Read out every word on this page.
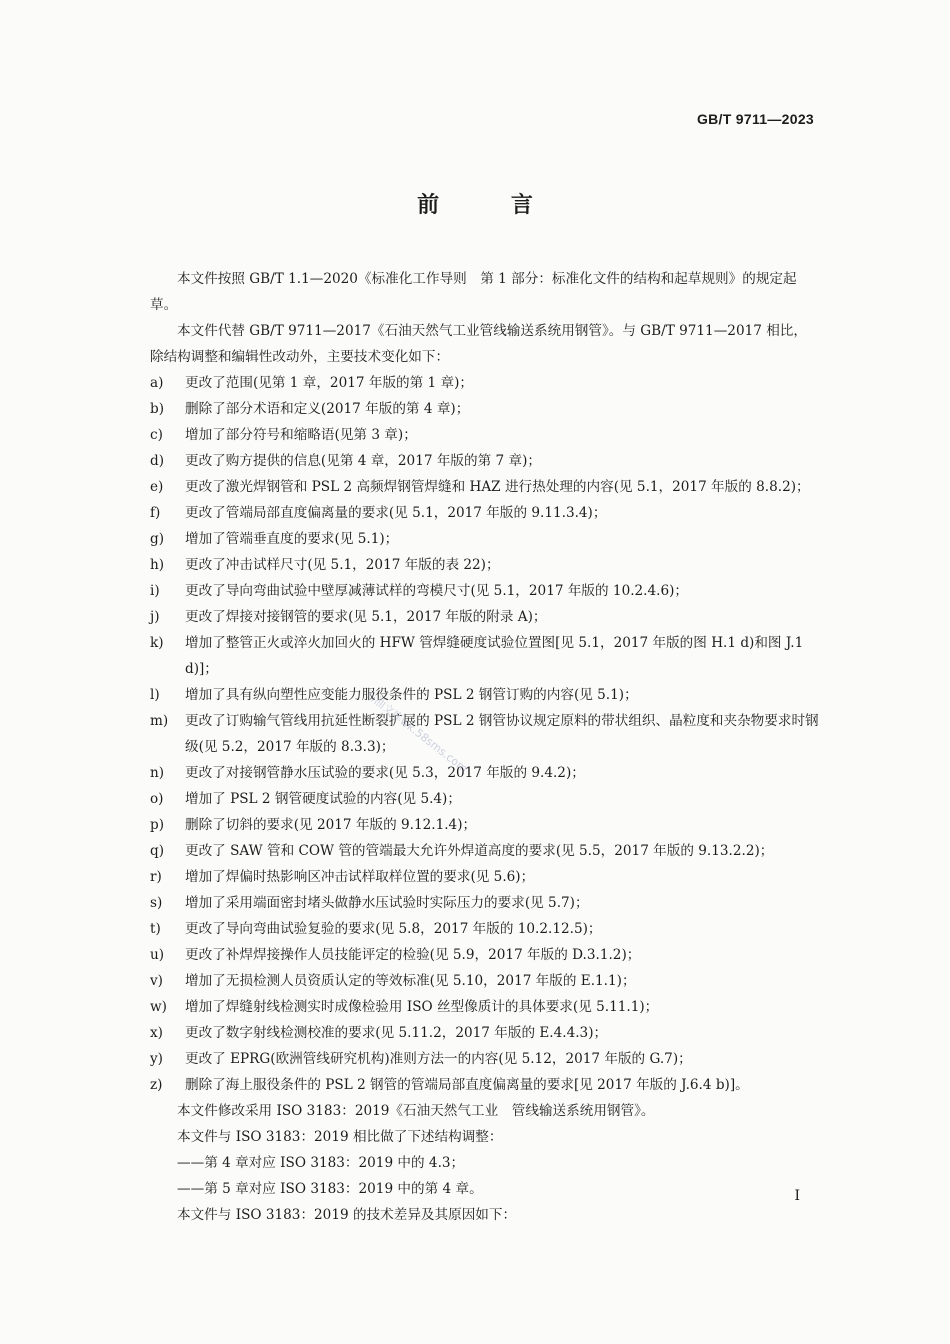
GB/T 9711—2023
前 言

本文件按照 GB/T 1.1—2020《标准化工作导则　第 1 部分：标准化文件的结构和起草规则》的规定起草。

本文件代替 GB/T 9711—2017《石油天然气工业管线输送系统用钢管》。与 GB/T 9711—2017 相比，除结构调整和编辑性改动外，主要技术变化如下：

a) 更改了范围(见第 1 章，2017 年版的第 1 章)；
b) 删除了部分术语和定义(2017 年版的第 4 章)；
c) 增加了部分符号和缩略语(见第 3 章)；
d) 更改了购方提供的信息(见第 4 章，2017 年版的第 7 章)；
e) 更改了激光焊钢管和 PSL 2 高频焊钢管焊缝和 HAZ 进行热处理的内容(见 5.1，2017 年版的 8.8.2)；
f) 更改了管端局部直度偏离量的要求(见 5.1，2017 年版的 9.11.3.4)；
g) 增加了管端垂直度的要求(见 5.1)；
h) 更改了冲击试样尺寸(见 5.1，2017 年版的表 22)；
i) 更改了导向弯曲试验中壁厚减薄试样的弯模尺寸(见 5.1，2017 年版的 10.2.4.6)；
j) 更改了焊接对接钢管的要求(见 5.1，2017 年版的附录 A)；
k) 增加了整管正火或淬火加回火的 HFW 管焊缝硬度试验位置图[见 5.1，2017 年版的图 H.1 d)和图 J.1 d)]；
l) 增加了具有纵向塑性应变能力服役条件的 PSL 2 钢管订购的内容(见 5.1)；
m) 更改了订购输气管线用抗延性断裂扩展的 PSL 2 钢管协议规定原料的带状组织、晶粒度和夹杂物要求时钢级(见 5.2，2017 年版的 8.3.3)；
n) 更改了对接钢管静水压试验的要求(见 5.3，2017 年版的 9.4.2)；
o) 增加了 PSL 2 钢管硬度试验的内容(见 5.4)；
p) 删除了切斜的要求(见 2017 年版的 9.12.1.4)；
q) 更改了 SAW 管和 COW 管的管端最大允许外焊道高度的要求(见 5.5，2017 年版的 9.13.2.2)；
r) 增加了焊偏时热影响区冲击试样取样位置的要求(见 5.6)；
s) 增加了采用端面密封堵头做静水压试验时实际压力的要求(见 5.7)；
t) 更改了导向弯曲试验复验的要求(见 5.8，2017 年版的 10.2.12.5)；
u) 更改了补焊焊接操作人员技能评定的检验(见 5.9，2017 年版的 D.3.1.2)；
v) 增加了无损检测人员资质认定的等效标准(见 5.10，2017 年版的 E.1.1)；
w) 增加了焊缝射线检测实时成像检验用 ISO 丝型像质计的具体要求(见 5.11.1)；
x) 更改了数字射线检测校准的要求(见 5.11.2，2017 年版的 E.4.4.3)；
y) 更改了 EPRG(欧洲管线研究机构)准则方法一的内容(见 5.12，2017 年版的 G.7)；
z) 删除了海上服役条件的 PSL 2 钢管的管端局部直度偏离量的要求[见 2017 年版的 J.6.4 b)]。

本文件修改采用 ISO 3183：2019《石油天然气工业　管线输送系统用钢管》。

本文件与 ISO 3183：2019 相比做了下述结构调整：

——第 4 章对应 ISO 3183：2019 中的 4.3；

——第 5 章对应 ISO 3183：2019 中的第 4 章。

本文件与 ISO 3183：2019 的技术差异及其原因如下：

I
石油文库wk.58sms.com
